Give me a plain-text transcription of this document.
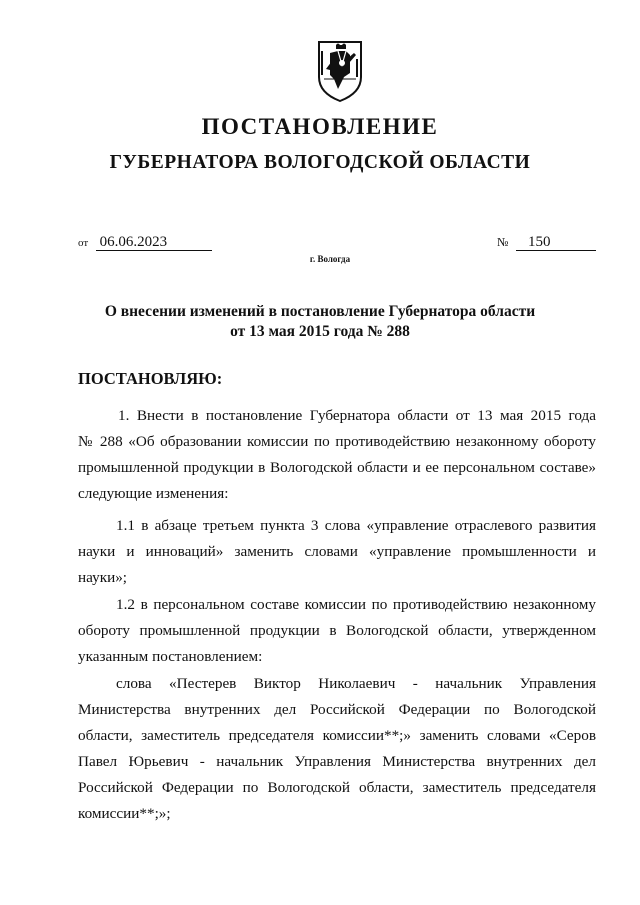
ПОСТАНОВЛЕНИЕ
ГУБЕРНАТОРА ВОЛОГОДСКОЙ ОБЛАСТИ
от 06.06.2023	№ 150
г. Вологда
О внесении изменений в постановление Губернатора области
от 13 мая 2015 года № 288
ПОСТАНОВЛЯЮ:
1. Внести в постановление Губернатора области от 13 мая 2015 года
№ 288 «Об образовании комиссии по противодействию незаконному обороту
промышленной продукции в Вологодской области и ее персональном составе»
следующие изменения:
1.1 в абзаце третьем пункта 3 слова «управление отраслевого развития
науки и инноваций» заменить словами «управление промышленности и
науки»;
1.2 в персональном составе комиссии по противодействию незаконному
обороту промышленной продукции в Вологодской области, утвержденном
указанным постановлением:
слова «Пестерев Виктор Николаевич - начальник Управления
Министерства внутренних дел Российской Федерации по Вологодской
области, заместитель председателя комиссии**;» заменить словами «Серов
Павел Юрьевич - начальник Управления Министерства внутренних дел
Российской Федерации по Вологодской области, заместитель председателя
комиссии**;»;
